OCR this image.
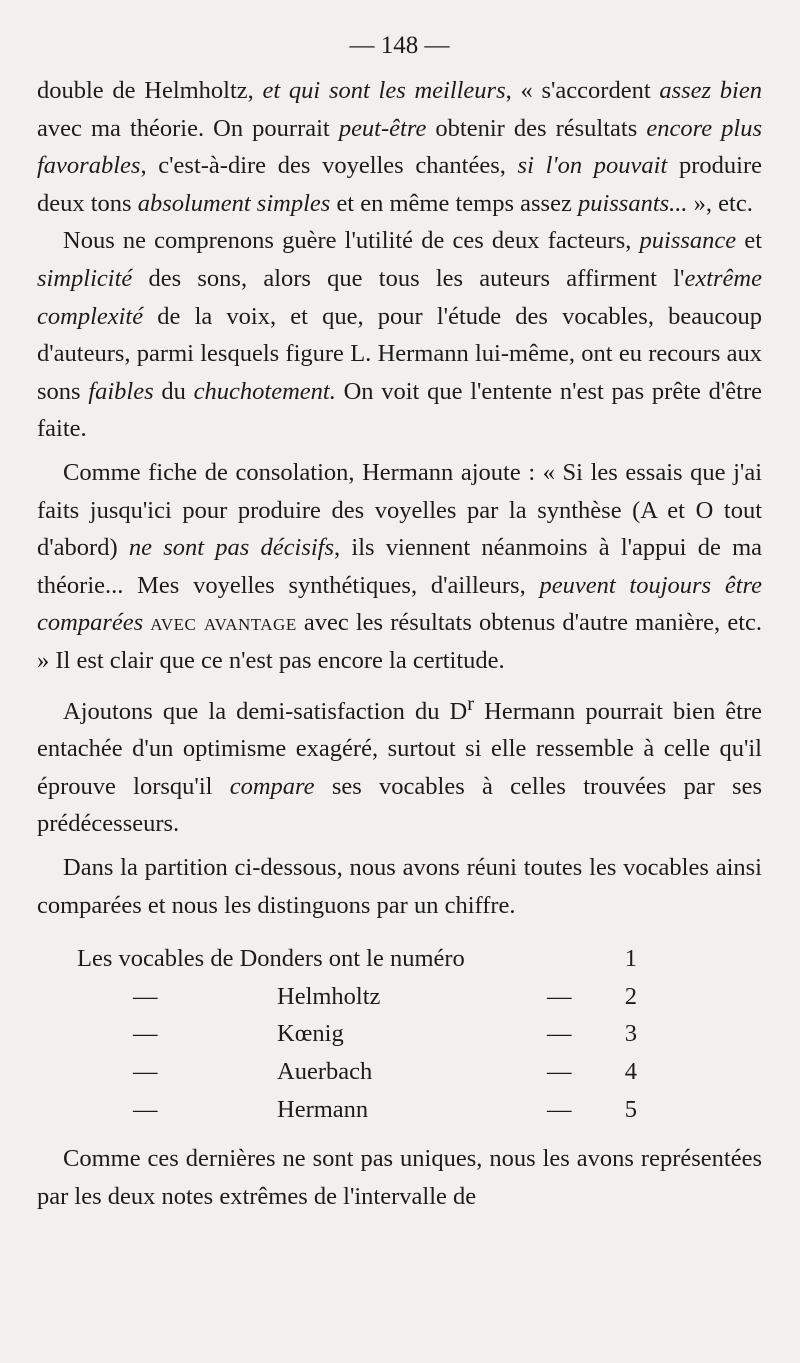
— 148 —

double de Helmholtz, et qui sont les meilleurs, « s'accordent assez bien avec ma théorie. On pourrait peut-être obtenir des résultats encore plus favorables, c'est-à-dire des voyelles chantées, si l'on pouvait produire deux tons absolument simples et en même temps assez puissants... », etc.

Nous ne comprenons guère l'utilité de ces deux facteurs, puissance et simplicité des sons, alors que tous les auteurs affirment l'extrême complexité de la voix, et que, pour l'étude des vocables, beaucoup d'auteurs, parmi lesquels figure L. Hermann lui-même, ont eu recours aux sons faibles du chuchotement. On voit que l'entente n'est pas prête d'être faite.

Comme fiche de consolation, Hermann ajoute : « Si les essais que j'ai faits jusqu'ici pour produire des voyelles par la synthèse (A et O tout d'abord) ne sont pas décisifs, ils viennent néanmoins à l'appui de ma théorie... Mes voyelles synthétiques, d'ailleurs, peuvent toujours être comparées avec avantage avec les résultats obtenus d'autre manière, etc. » Il est clair que ce n'est pas encore la certitude.

Ajoutons que la demi-satisfaction du $D^r$ Hermann pourrait bien être entachée d'un optimisme exagéré, surtout si elle ressemble à celle qu'il éprouve lorsqu'il compare ses vocables à celles trouvées par ses prédécesseurs.

Dans la partition ci-dessous, nous avons réuni toutes les vocables ainsi comparées et nous les distinguons par un chiffre.

Les vocables de Donders ont le numéro	1
—	Helmholtz	—	2
—	Kœnig	—	3
—	Auerbach	—	4
—	Hermann	—	5

Comme ces dernières ne sont pas uniques, nous les avons représentées par les deux notes extrêmes de l'intervalle de
